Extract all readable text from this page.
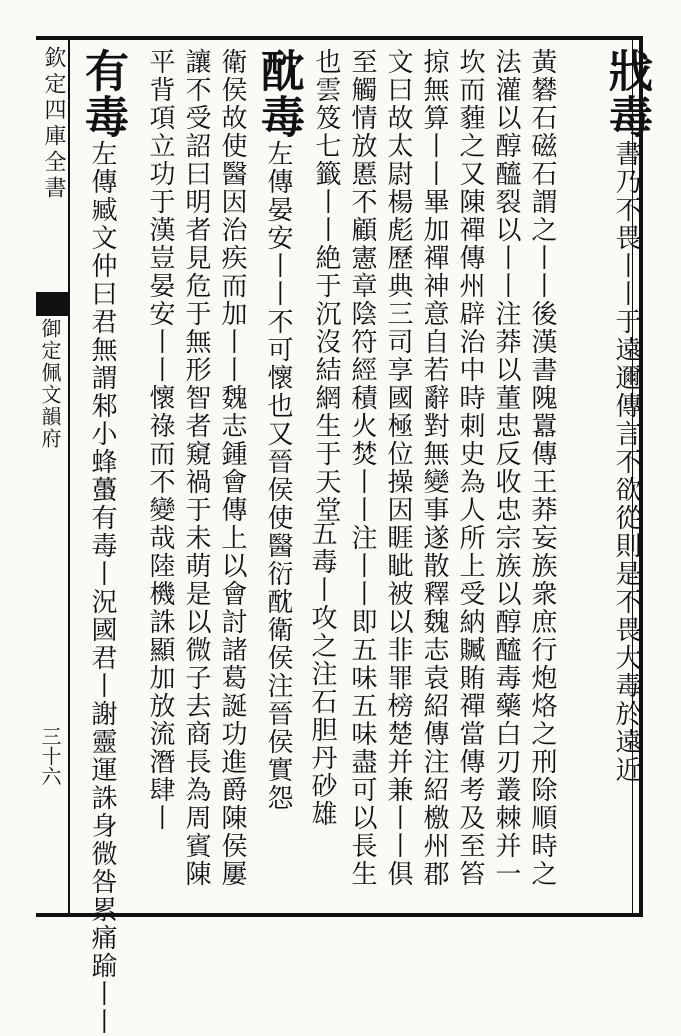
欽定四庫全書
御定佩文韻府
三十六
戕毒書乃不畏丨丨于遠邇傳言不欲從則是不畏大毒於遠近
黃礬石磁石謂之丨丨後漢書隗囂傳王莽妄族衆庶行炮烙之刑除順時之法灌以醇醯裂以丨丨注莽以董忠反收忠宗族以醇醯毒藥白刃叢棘并一坎而薶之又陳禪傳州辟治中時刺史為人所上受納贓賄禪當傳考及至笞掠無算丨丨畢加禪神意自若辭對無變事遂散釋魏志袁紹傳注紹檄州郡文曰故太尉楊彪歷典三司享國極位操因睚眦被以非罪榜楚并兼丨丨俱至觸情放慝不顧憲章陰符經積火焚丨丨注丨丨即五味五味盡可以長生也雲笈七籤丨丨絶于沉沒結網生于天堂
五毒丨攻之注石胆丹砂雄
酖毒左傳晏安丨丨不可懷也又晉侯使醫衍酖衛侯注晉侯實怨
衛侯故使醫因治疾而加丨丨魏志鍾會傳上以會討諸葛誕功進爵陳侯屢讓不受詔曰明者見危于無形智者窺禍于未萌是以微子去商長為周賓陳平背項立功于漢豈晏安丨丨懷祿而不變哉陸機誅顯加放流潛肆丨
有毒左傳臧文仲曰君無謂邾小蜂蠆有毒丨況國君丨謝靈運誅身微咎累痛踰丨丨
